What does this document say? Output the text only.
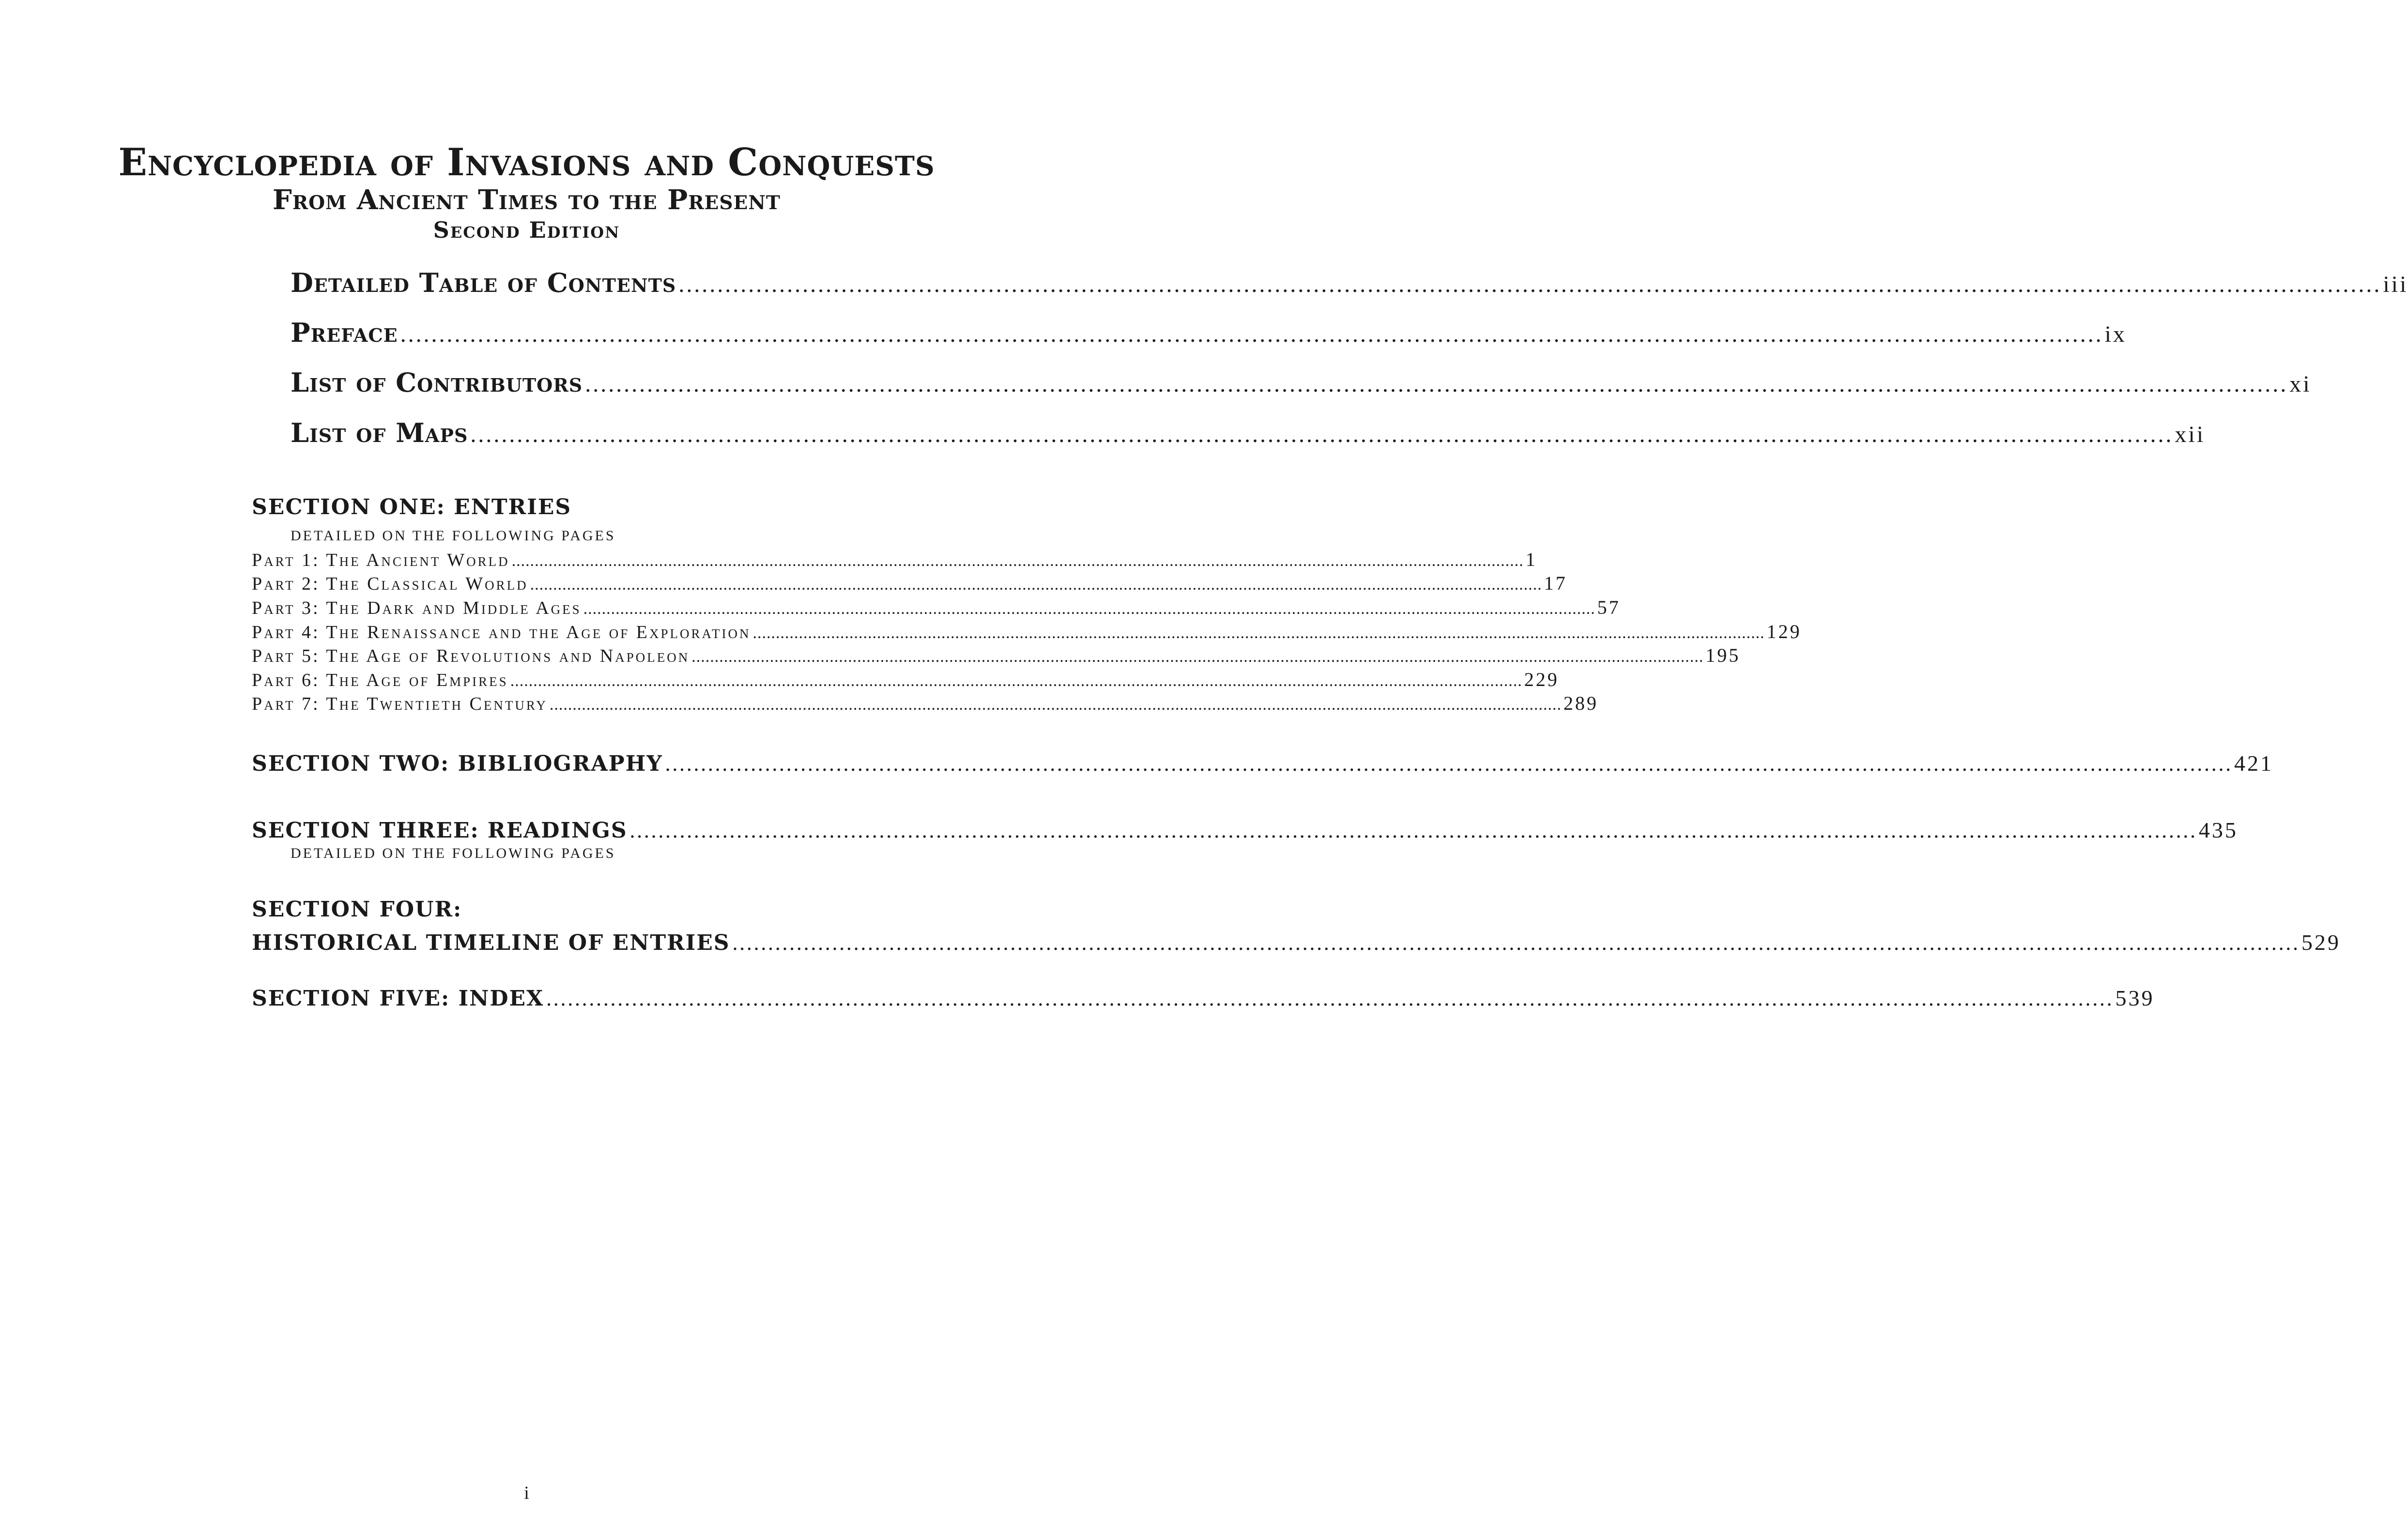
Encyclopedia of Invasions and Conquests
From Ancient Times to the Present
Second Edition
Detailed Table of Contents ............................................................................................................................................................................................................................ iii
Preface ............................................................................................................................................................................................................................ ix
List of Contributors ............................................................................................................................................................................................................................ xi
List of Maps ............................................................................................................................................................................................................................ xii
SECTION ONE: ENTRIES
DETAILED ON THE FOLLOWING PAGES
Part 1: The Ancient World ............................................................................................................................................................................................................................ 1
Part 2: The Classical World ............................................................................................................................................................................................................................ 17
Part 3: The Dark and Middle Ages ............................................................................................................................................................................................................................ 57
Part 4: The Renaissance and the Age of Exploration ............................................................................................................................................................................................................................ 129
Part 5: The Age of Revolutions and Napoleon ............................................................................................................................................................................................................................ 195
Part 6: The Age of Empires ............................................................................................................................................................................................................................ 229
Part 7: The Twentieth Century ............................................................................................................................................................................................................................ 289
SECTION TWO: BIBLIOGRAPHY ............................................................................................................................................................................................................................ 421
SECTION THREE: READINGS ............................................................................................................................................................................................................................ 435
DETAILED ON THE FOLLOWING PAGES
SECTION FOUR:
HISTORICAL TIMELINE OF ENTRIES ............................................................................................................................................................................................................................ 529
SECTION FIVE: INDEX ............................................................................................................................................................................................................................ 539
i
